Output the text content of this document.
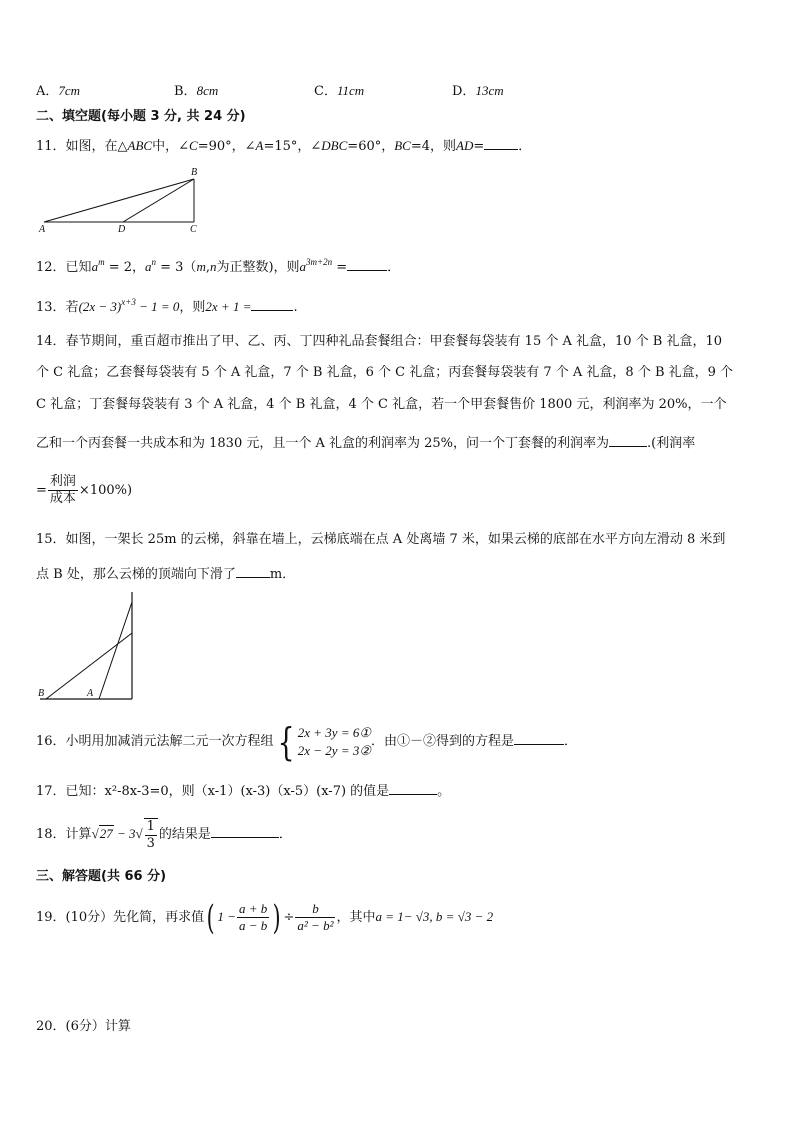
A．7cm	B．8cm	C．11cm	D．13cm
二、填空题(每小题 3 分, 共 24 分)
11．如图，在△ABC中，∠C=90°，∠A=15°，∠DBC=60°，BC=4，则AD=	．
B
A	D	C
12．已知$a^m = 2$，$a^n = 3(m,n$为正整数)，则$a^{3m+2n}$ =	．
13．若$(2x - 3)^{x+3} - 1 = 0$，则2x + 1 =	.
14．春节期间，重百超市推出了甲、乙、丙、丁四种礼品套餐组合：甲套餐每袋装有 15 个 A 礼盒，10 个 B 礼盒，10
个 C 礼盒；乙套餐每袋装有 5 个 A 礼盒，7 个 B 礼盒，6 个 C 礼盒；丙套餐每袋装有 7 个 A 礼盒，8 个 B 礼盒，9 个
C 礼盒；丁套餐每袋装有 3 个 A 礼盒，4 个 B 礼盒，4 个 C 礼盒，若一个甲套餐售价 1800 元，利润率为 20%，一个
乙和一个丙套餐一共成本和为 1830 元，且一个 A 礼盒的利润率为 25%，问一个丁套餐的利润率为	.(利润率
= $\frac{\text{利润}}{\text{成本}} \times 100\%$)
15．如图，一架长 25m 的云梯，斜靠在墙上，云梯底端在点 A 处离墙 7 米，如果云梯的底部在水平方向左滑动 8 米到
点 B 处，那么云梯的顶端向下滑了	m．
B	A
16．小明用加减消元法解二元一次方程组{ 2x + 3y = 6①
2x − 2y = 3②
．由①－②得到的方程是	．
17．已知：x²-8x-3=0，则（x-1）(x-3)（x-5）(x-7) 的值是	。
18．计算$√27 - 3√ \frac{1}{3}$ 的结果是	．
三、解答题(共 66 分)
19．(10分）先化简，再求值( $1 - \frac{a + b}{a - b}$ ) ÷ $\frac{b}{\text{a² − b²}}$ ，其中a = 1− √3, b = √3 − 2
20．(6分）计算
